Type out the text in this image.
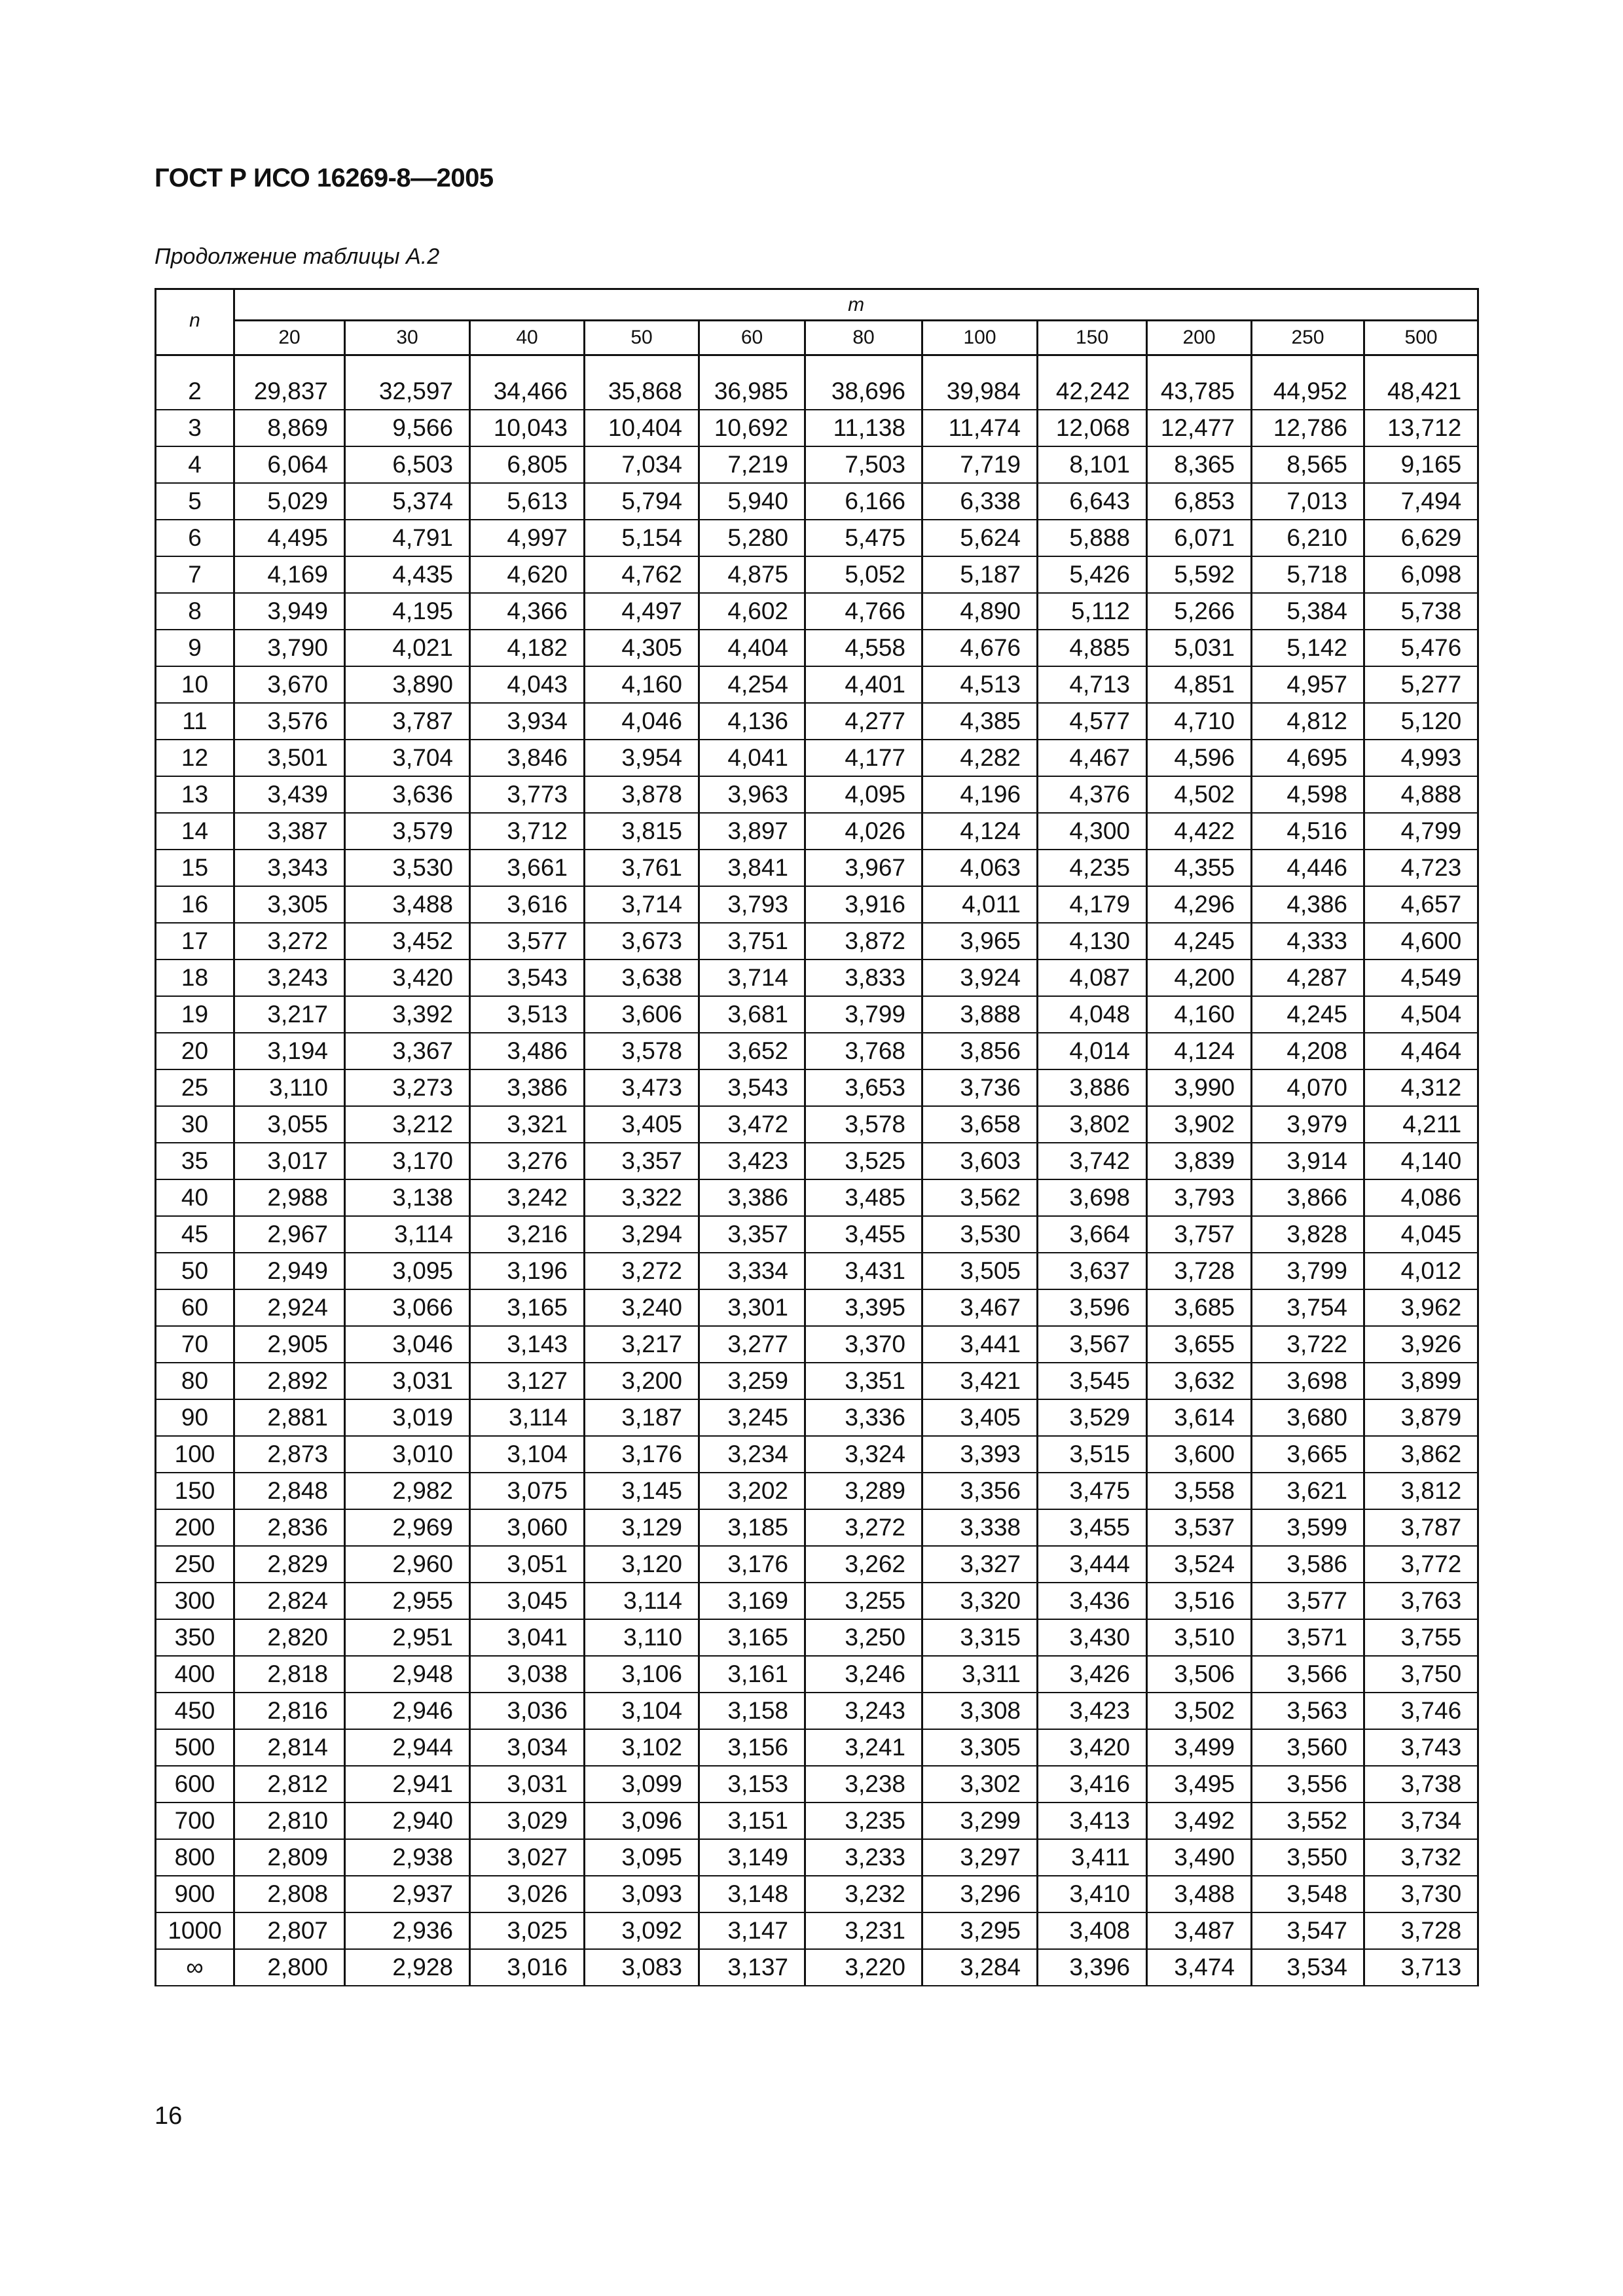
ГОСТ Р ИСО 16269-8—2005
Продолжение таблицы А.2
n	m										
	20	30	40	50	60	80	100	150	200	250	500

2	29,837	32,597	34,466	35,868	36,985	38,696	39,984	42,242	43,785	44,952	48,421
3	8,869	9,566	10,043	10,404	10,692	11,138	11,474	12,068	12,477	12,786	13,712
4	6,064	6,503	6,805	7,034	7,219	7,503	7,719	8,101	8,365	8,565	9,165
5	5,029	5,374	5,613	5,794	5,940	6,166	6,338	6,643	6,853	7,013	7,494
6	4,495	4,791	4,997	5,154	5,280	5,475	5,624	5,888	6,071	6,210	6,629
7	4,169	4,435	4,620	4,762	4,875	5,052	5,187	5,426	5,592	5,718	6,098
8	3,949	4,195	4,366	4,497	4,602	4,766	4,890	5,112	5,266	5,384	5,738
9	3,790	4,021	4,182	4,305	4,404	4,558	4,676	4,885	5,031	5,142	5,476
10	3,670	3,890	4,043	4,160	4,254	4,401	4,513	4,713	4,851	4,957	5,277
11	3,576	3,787	3,934	4,046	4,136	4,277	4,385	4,577	4,710	4,812	5,120
12	3,501	3,704	3,846	3,954	4,041	4,177	4,282	4,467	4,596	4,695	4,993
13	3,439	3,636	3,773	3,878	3,963	4,095	4,196	4,376	4,502	4,598	4,888
14	3,387	3,579	3,712	3,815	3,897	4,026	4,124	4,300	4,422	4,516	4,799
15	3,343	3,530	3,661	3,761	3,841	3,967	4,063	4,235	4,355	4,446	4,723
16	3,305	3,488	3,616	3,714	3,793	3,916	4,011	4,179	4,296	4,386	4,657
17	3,272	3,452	3,577	3,673	3,751	3,872	3,965	4,130	4,245	4,333	4,600
18	3,243	3,420	3,543	3,638	3,714	3,833	3,924	4,087	4,200	4,287	4,549
19	3,217	3,392	3,513	3,606	3,681	3,799	3,888	4,048	4,160	4,245	4,504
20	3,194	3,367	3,486	3,578	3,652	3,768	3,856	4,014	4,124	4,208	4,464
25	3,110	3,273	3,386	3,473	3,543	3,653	3,736	3,886	3,990	4,070	4,312
30	3,055	3,212	3,321	3,405	3,472	3,578	3,658	3,802	3,902	3,979	4,211
35	3,017	3,170	3,276	3,357	3,423	3,525	3,603	3,742	3,839	3,914	4,140
40	2,988	3,138	3,242	3,322	3,386	3,485	3,562	3,698	3,793	3,866	4,086
45	2,967	3,114	3,216	3,294	3,357	3,455	3,530	3,664	3,757	3,828	4,045
50	2,949	3,095	3,196	3,272	3,334	3,431	3,505	3,637	3,728	3,799	4,012
60	2,924	3,066	3,165	3,240	3,301	3,395	3,467	3,596	3,685	3,754	3,962
70	2,905	3,046	3,143	3,217	3,277	3,370	3,441	3,567	3,655	3,722	3,926
80	2,892	3,031	3,127	3,200	3,259	3,351	3,421	3,545	3,632	3,698	3,899
90	2,881	3,019	3,114	3,187	3,245	3,336	3,405	3,529	3,614	3,680	3,879
100	2,873	3,010	3,104	3,176	3,234	3,324	3,393	3,515	3,600	3,665	3,862
150	2,848	2,982	3,075	3,145	3,202	3,289	3,356	3,475	3,558	3,621	3,812
200	2,836	2,969	3,060	3,129	3,185	3,272	3,338	3,455	3,537	3,599	3,787
250	2,829	2,960	3,051	3,120	3,176	3,262	3,327	3,444	3,524	3,586	3,772
300	2,824	2,955	3,045	3,114	3,169	3,255	3,320	3,436	3,516	3,577	3,763
350	2,820	2,951	3,041	3,110	3,165	3,250	3,315	3,430	3,510	3,571	3,755
400	2,818	2,948	3,038	3,106	3,161	3,246	3,311	3,426	3,506	3,566	3,750
450	2,816	2,946	3,036	3,104	3,158	3,243	3,308	3,423	3,502	3,563	3,746
500	2,814	2,944	3,034	3,102	3,156	3,241	3,305	3,420	3,499	3,560	3,743
600	2,812	2,941	3,031	3,099	3,153	3,238	3,302	3,416	3,495	3,556	3,738
700	2,810	2,940	3,029	3,096	3,151	3,235	3,299	3,413	3,492	3,552	3,734
800	2,809	2,938	3,027	3,095	3,149	3,233	3,297	3,411	3,490	3,550	3,732
900	2,808	2,937	3,026	3,093	3,148	3,232	3,296	3,410	3,488	3,548	3,730
1000	2,807	2,936	3,025	3,092	3,147	3,231	3,295	3,408	3,487	3,547	3,728
∞	2,800	2,928	3,016	3,083	3,137	3,220	3,284	3,396	3,474	3,534	3,713
16
